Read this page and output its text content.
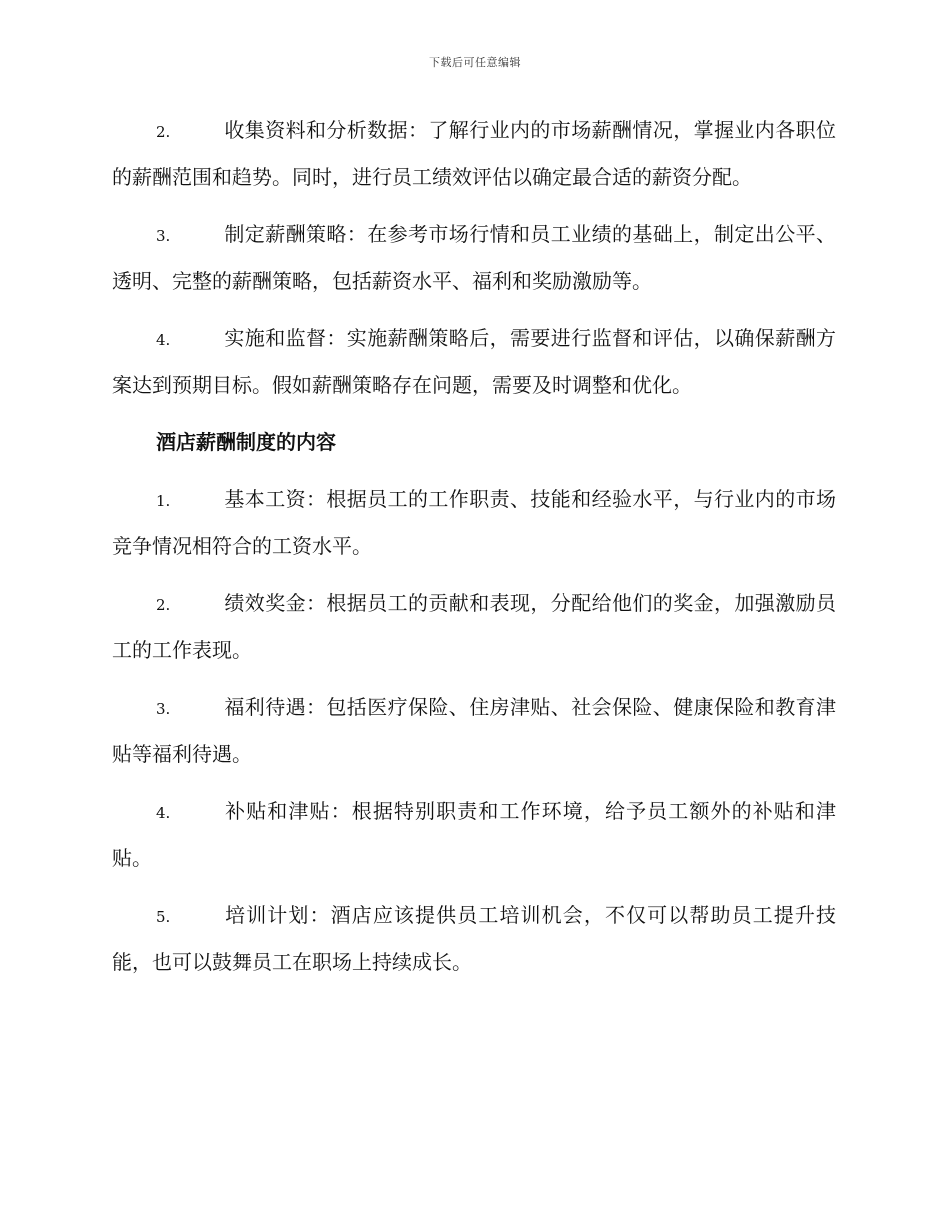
下载后可任意编辑

2.	收集资料和分析数据：了解行业内的市场薪酬情况，掌握业内各职位的薪酬范围和趋势。同时，进行员工绩效评估以确定最合适的薪资分配。

3.	制定薪酬策略：在参考市场行情和员工业绩的基础上，制定出公平、透明、完整的薪酬策略，包括薪资水平、福利和奖励激励等。

4.	实施和监督：实施薪酬策略后，需要进行监督和评估，以确保薪酬方案达到预期目标。假如薪酬策略存在问题，需要及时调整和优化。

酒店薪酬制度的内容

1.	基本工资：根据员工的工作职责、技能和经验水平，与行业内的市场竞争情况相符合的工资水平。

2.	绩效奖金：根据员工的贡献和表现，分配给他们的奖金，加强激励员工的工作表现。

3.	福利待遇：包括医疗保险、住房津贴、社会保险、健康保险和教育津贴等福利待遇。

4.	补贴和津贴：根据特别职责和工作环境，给予员工额外的补贴和津贴。

5.	培训计划：酒店应该提供员工培训机会，不仅可以帮助员工提升技能，也可以鼓舞员工在职场上持续成长。
